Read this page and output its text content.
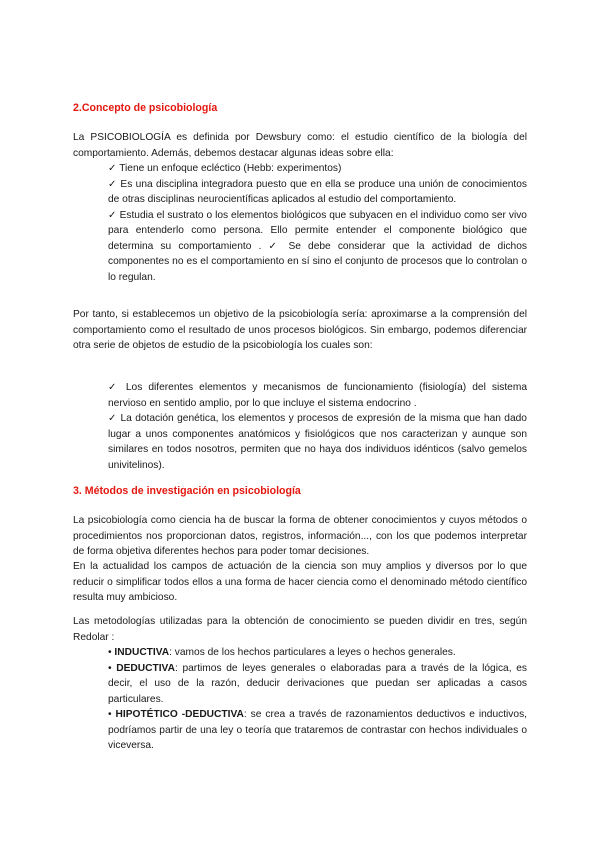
2.Concepto de psicobiología

La PSICOBIOLOGÍA es definida por Dewsbury como: el estudio científico de la biología del comportamiento. Además, debemos destacar algunas ideas sobre ella:

✓ Tiene un enfoque ecléctico (Hebb: experimentos)
✓ Es una disciplina integradora puesto que en ella se produce una unión de conocimientos de otras disciplinas neurocientíficas aplicados al estudio del comportamiento.
✓ Estudia el sustrato o los elementos biológicos que subyacen en el individuo como ser vivo para entenderlo como persona. Ello permite entender el componente biológico que determina su comportamiento . ✓ Se debe considerar que la actividad de dichos componentes no es el comportamiento en sí sino el conjunto de procesos que lo controlan o lo regulan.

Por tanto, si establecemos un objetivo de la psicobiología sería: aproximarse a la comprensión del comportamiento como el resultado de unos procesos biológicos. Sin embargo, podemos diferenciar otra serie de objetos de estudio de la psicobiología los cuales son:

✓ Los diferentes elementos y mecanismos de funcionamiento (fisiología) del sistema nervioso en sentido amplio, por lo que incluye el sistema endocrino .
✓ La dotación genética, los elementos y procesos de expresión de la misma que han dado lugar a unos componentes anatómicos y fisiológicos que nos caracterizan y aunque son similares en todos nosotros, permiten que no haya dos individuos idénticos (salvo gemelos univitelinos).
3. Métodos de investigación en psicobiología

La psicobiología como ciencia ha de buscar la forma de obtener conocimientos y cuyos métodos o procedimientos nos proporcionan datos, registros, información..., con los que podemos interpretar de forma objetiva diferentes hechos para poder tomar decisiones.

En la actualidad los campos de actuación de la ciencia son muy amplios y diversos por lo que reducir o simplificar todos ellos a una forma de hacer ciencia como el denominado método científico resulta muy ambicioso.

Las metodologías utilizadas para la obtención de conocimiento se pueden dividir en tres, según Redolar :

• INDUCTIVA: vamos de los hechos particulares a leyes o hechos generales.
• DEDUCTIVA: partimos de leyes generales o elaboradas para a través de la lógica, es decir, el uso de la razón, deducir derivaciones que puedan ser aplicadas a casos particulares.
• HIPOTÉTICO -DEDUCTIVA: se crea a través de razonamientos deductivos e inductivos, podríamos partir de una ley o teoría que trataremos de contrastar con hechos individuales o viceversa.
